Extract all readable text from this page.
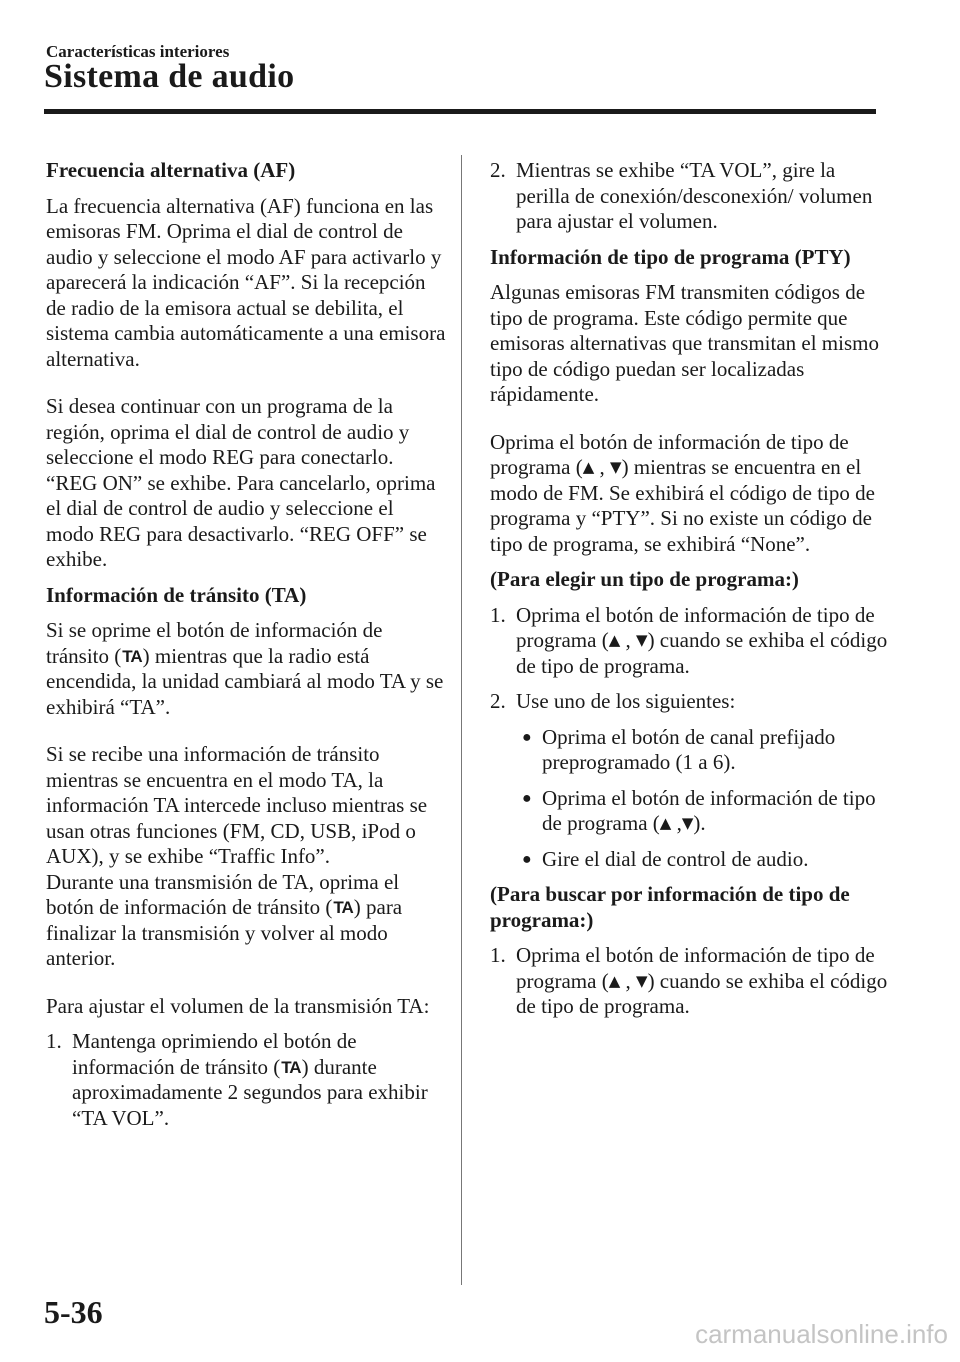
Características interiores
Sistema de audio

Frecuencia alternativa (AF)

La frecuencia alternativa (AF) funciona en las emisoras FM. Oprima el dial de control de audio y seleccione el modo AF para activarlo y aparecerá la indicación “AF”. Si la recepción de radio de la emisora actual se debilita, el sistema cambia automáticamente a una emisora alternativa.

Si desea continuar con un programa de la región, oprima el dial de control de audio y seleccione el modo REG para conectarlo. “REG ON” se exhibe. Para cancelarlo, oprima el dial de control de audio y seleccione el modo REG para desactivarlo. “REG OFF” se exhibe.

Información de tránsito (TA)

Si se oprime el botón de información de tránsito (TA) mientras que la radio está encendida, la unidad cambiará al modo TA y se exhibirá “TA”.

Si se recibe una información de tránsito mientras se encuentra en el modo TA, la información TA intercede incluso mientras se usan otras funciones (FM, CD, USB, iPod o AUX), y se exhibe “Traffic Info”.

Durante una transmisión de TA, oprima el botón de información de tránsito (TA) para finalizar la transmisión y volver al modo anterior.

Para ajustar el volumen de la transmisión TA:

1. Mantenga oprimiendo el botón de información de tránsito (TA) durante aproximadamente 2 segundos para exhibir “TA VOL”.

2. Mientras se exhibe “TA VOL”, gire la perilla de conexión/desconexión/ volumen para ajustar el volumen.

Información de tipo de programa (PTY)

Algunas emisoras FM transmiten códigos de tipo de programa. Este código permite que emisoras alternativas que transmitan el mismo tipo de código puedan ser localizadas rápidamente.

Oprima el botón de información de tipo de programa (▲ , ▼) mientras se encuentra en el modo de FM. Se exhibirá el código de tipo de programa y “PTY”. Si no existe un código de tipo de programa, se exhibirá “None”.

(Para elegir un tipo de programa:)

1. Oprima el botón de información de tipo de programa (▲ , ▼) cuando se exhiba el código de tipo de programa.

2. Use uno de los siguientes:

● Oprima el botón de canal prefijado preprogramado (1 a 6).

● Oprima el botón de información de tipo de programa (▲ ,▼).

● Gire el dial de control de audio.

(Para buscar por información de tipo de programa:)

1. Oprima el botón de información de tipo de programa (▲ , ▼) cuando se exhiba el código de tipo de programa.

5-36
carmanualsonline.info
